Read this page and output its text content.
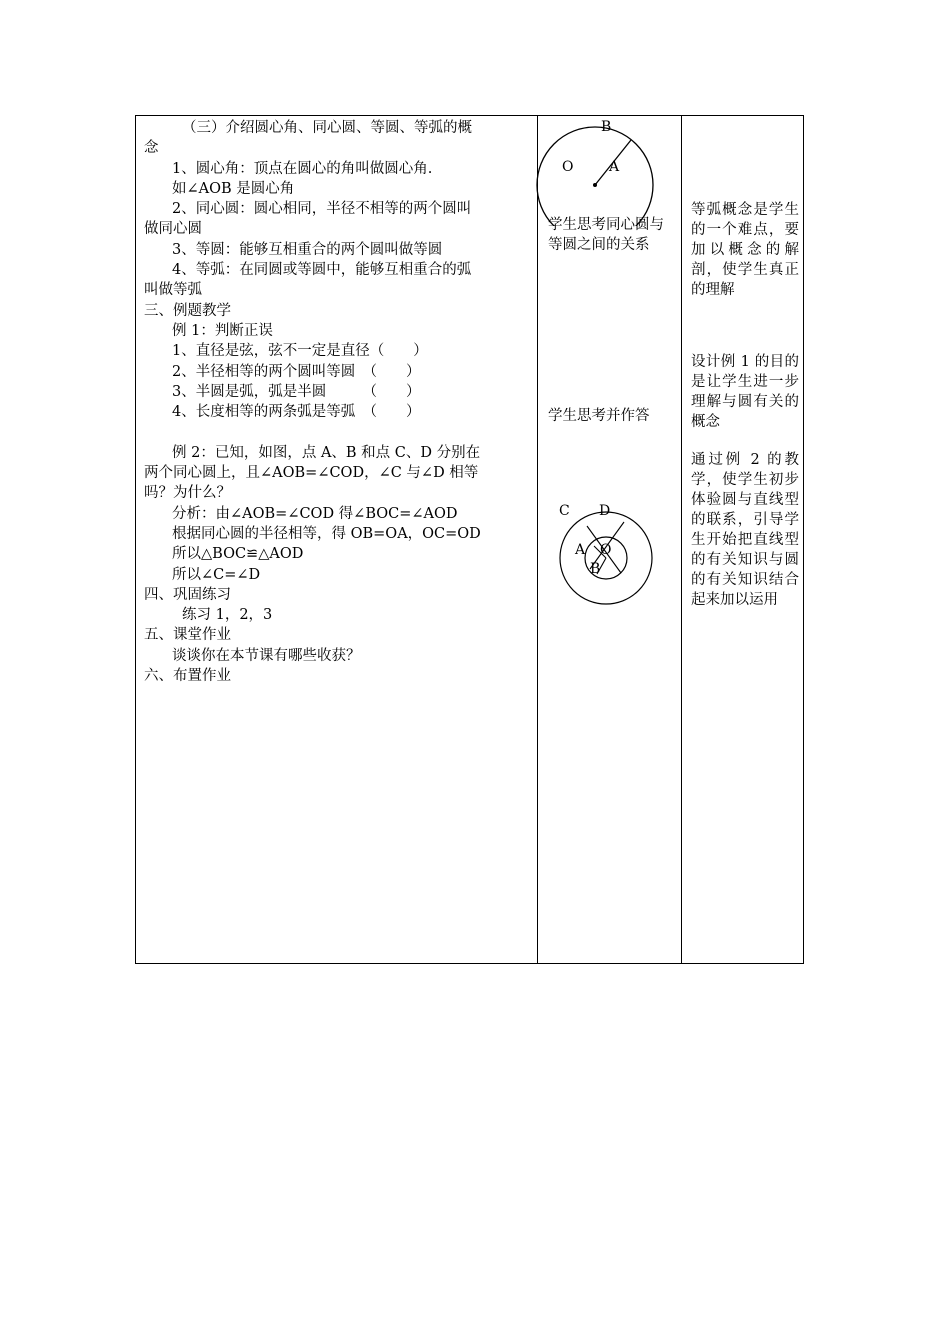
（三）介绍圆心角、同心圆、等圆、等弧的概
念
1、圆心角：顶点在圆心的角叫做圆心角.
如∠AOB 是圆心角
2、同心圆：圆心相同，半径不相等的两个圆叫
做同心圆
3、等圆：能够互相重合的两个圆叫做等圆
4、等弧：在同圆或等圆中，能够互相重合的弧
叫做等弧
三、例题教学
例 1：判断正误
1、直径是弦，弦不一定是直径（　　）
2、半径相等的两个圆叫等圆　（　　）
3、半圆是弧，弧是半圆　　　（　　）
4、长度相等的两条弧是等弧　（　　）
例 2：已知，如图，点 A、B 和点 C、D 分别在
两个同心圆上，且∠AOB=∠COD，∠C 与∠D 相等
吗？为什么？
分析：由∠AOB=∠COD 得∠BOC=∠AOD
根据同心圆的半径相等，得 OB=OA，OC=OD
所以△BOC≌△AOD
所以∠C=∠D
四、巩固练习
练习 1，2，3
五、课堂作业
谈谈你在本节课有哪些收获？
六、布置作业
B
O	A
学生思考同心圆与等圆之间的关系
学生思考并作答
C D
A O
B
等弧概念是学生的一个难点，要加以概念的解剖，使学生真正的理解
设计例 1 的目的是让学生进一步理解与圆有关的概念
通过例 2 的教学，使学生初步体验圆与直线型的联系，引导学生开始把直线型的有关知识与圆的有关知识结合起来加以运用
